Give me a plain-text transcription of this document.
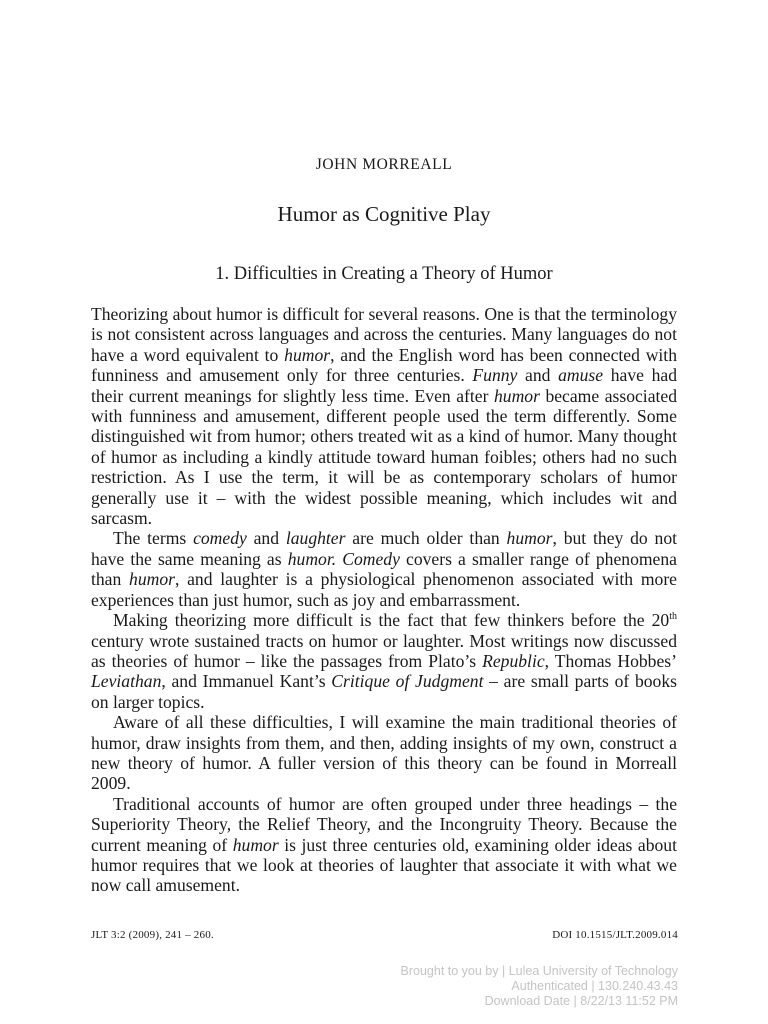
JOHN MORREALL
Humor as Cognitive Play
1. Difficulties in Creating a Theory of Humor

Theorizing about humor is difficult for several reasons. One is that the terminology is not consistent across languages and across the centuries. Many languages do not have a word equivalent to humor, and the English word has been connected with funniness and amusement only for three centuries. Funny and amuse have had their current meanings for slightly less time. Even after humor became associated with funniness and amusement, different people used the term differently. Some distinguished wit from humor; others treated wit as a kind of humor. Many thought of humor as including a kindly attitude toward human foibles; others had no such restriction. As I use the term, it will be as contemporary scholars of humor generally use it – with the widest possible meaning, which includes wit and sarcasm.

The terms comedy and laughter are much older than humor, but they do not have the same meaning as humor. Comedy covers a smaller range of phenomena than humor, and laughter is a physiological phenomenon associated with more experiences than just humor, such as joy and embarrassment.

Making theorizing more difficult is the fact that few thinkers before the 20th century wrote sustained tracts on humor or laughter. Most writings now discussed as theories of humor – like the passages from Plato’s Republic, Thomas Hobbes’ Leviathan, and Immanuel Kant’s Critique of Judgment – are small parts of books on larger topics.

Aware of all these difficulties, I will examine the main traditional theories of humor, draw insights from them, and then, adding insights of my own, construct a new theory of humor. A fuller version of this theory can be found in Morreall 2009.

Traditional accounts of humor are often grouped under three headings – the Superiority Theory, the Relief Theory, and the Incongruity Theory. Because the current meaning of humor is just three centuries old, examining older ideas about humor requires that we look at theories of laughter that associate it with what we now call amusement.

JLT 3:2 (2009), 241 – 260.	DOI 10.1515/JLT.2009.014
Brought to you by | Lulea University of Technology
Authenticated | 130.240.43.43
Download Date | 8/22/13 11:52 PM
